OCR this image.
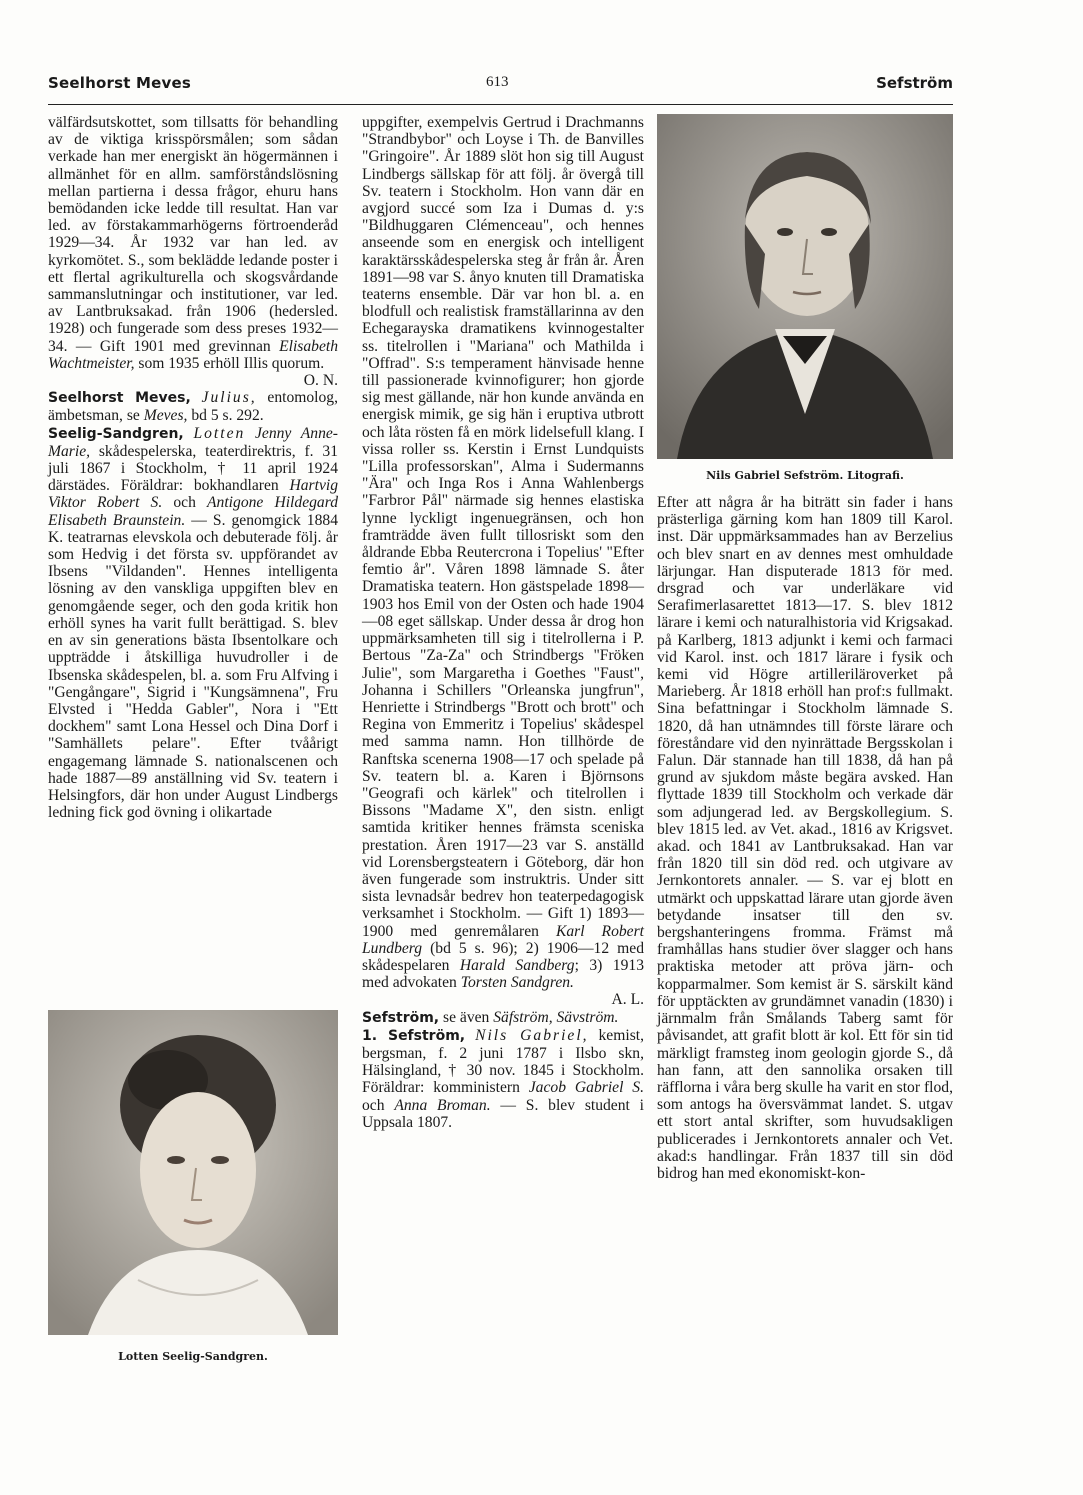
Seelhorst Meves	613	Sefström

välfärdsutskottet, som tillsatts för behandling av de viktiga krisspörsmålen; som sådan verkade han mer energiskt än högermännen i allmänhet för en allm. samförståndslösning mellan partierna i dessa frågor, ehuru hans bemödanden icke ledde till resultat. Han var led. av förstakammarhögerns förtroenderåd 1929—34. År 1932 var han led. av kyrkomötet. S., som beklädde ledande poster i ett flertal agrikulturella och skogsvårdande sammanslutningar och institutioner, var led. av Lantbruksakad. från 1906 (hedersled. 1928) och fungerade som dess preses 1932—34. — Gift 1901 med grevinnan Elisabeth Wachtmeister, som 1935 erhöll Illis quorum.

O. N.

Seelhorst Meves, Julius, entomolog, ämbetsman, se Meves, bd 5 s. 292.

Seelig-Sandgren, Lotten Jenny Anne-Marie, skådespelerska, teaterdirektris, f. 31 juli 1867 i Stockholm, † 11 april 1924 därstädes. Föräldrar: bokhandlaren Hartvig Viktor Robert S. och Antigone Hildegard Elisabeth Braunstein. — S. genomgick 1884 K. teatrarnas elevskola och debuterade följ. år som Hedvig i det första sv. uppförandet av Ibsens "Vildanden". Hennes intelligenta lösning av den vanskliga uppgiften blev en genomgående seger, och den goda kritik hon erhöll synes ha varit fullt berättigad. S. blev en av sin generations bästa Ibsentolkare och uppträdde i åtskilliga huvudroller i de Ibsenska skådespelen, bl. a. som Fru Alfving i "Gengångare", Sigrid i "Kungsämnena", Fru Elvsted i "Hedda Gabler", Nora i "Ett dockhem" samt Lona Hessel och Dina Dorf i "Samhällets pelare". Efter tvåårigt engagemang lämnade S. nationalscenen och hade 1887—89 anställning vid Sv. teatern i Helsingfors, där hon under August Lindbergs ledning fick god övning i olikartade

Lotten Seelig-Sandgren.

uppgifter, exempelvis Gertrud i Drachmanns "Strandbybor" och Loyse i Th. de Banvilles "Gringoire". År 1889 slöt hon sig till August Lindbergs sällskap för att följ. år övergå till Sv. teatern i Stockholm. Hon vann där en avgjord succé som Iza i Dumas d. y:s "Bildhuggaren Clémenceau", och hennes anseende som en energisk och intelligent karaktärsskådespelerska steg år från år. Åren 1891—98 var S. ånyo knuten till Dramatiska teaterns ensemble. Där var hon bl. a. en blodfull och realistisk framställarinna av den Echegarayska dramatikens kvinnogestalter ss. titelrollen i "Mariana" och Mathilda i "Offrad". S:s temperament hänvisade henne till passionerade kvinnofigurer; hon gjorde sig mest gällande, när hon kunde använda en energisk mimik, ge sig hän i eruptiva utbrott och låta rösten få en mörk lidelsefull klang. I vissa roller ss. Kerstin i Ernst Lundquists "Lilla professorskan", Alma i Sudermanns "Ära" och Inga Ros i Anna Wahlenbergs "Farbror Pål" närmade sig hennes elastiska lynne lyckligt ingenuegränsen, och hon framträdde även fullt tillosriskt som den åldrande Ebba Reutercrona i Topelius' "Efter femtio år". Våren 1898 lämnade S. åter Dramatiska teatern. Hon gästspelade 1898—1903 hos Emil von der Osten och hade 1904—08 eget sällskap. Under dessa år drog hon uppmärksamheten till sig i titelrollerna i P. Bertous "Za-Za" och Strindbergs "Fröken Julie", som Margaretha i Goethes "Faust", Johanna i Schillers "Orleanska jungfrun", Henriette i Strindbergs "Brott och brott" och Regina von Emmeritz i Topelius' skådespel med samma namn. Hon tillhörde de Ranftska scenerna 1908—17 och spelade på Sv. teatern bl. a. Karen i Björnsons "Geografi och kärlek" och titelrollen i Bissons "Madame X", den sistn. enligt samtida kritiker hennes främsta sceniska prestation. Åren 1917—23 var S. anställd vid Lorensbergsteatern i Göteborg, där hon även fungerade som instruktris. Under sitt sista levnadsår bedrev hon teaterpedagogisk verksamhet i Stockholm. — Gift 1) 1893—1900 med genremålaren Karl Robert Lundberg (bd 5 s. 96); 2) 1906—12 med skådespelaren Harald Sandberg; 3) 1913 med advokaten Torsten Sandgren.

A. L.

Sefström, se även Säfström, Sävström.

1. Sefström, Nils Gabriel, kemist, bergsman, f. 2 juni 1787 i Ilsbo skn, Hälsingland, † 30 nov. 1845 i Stockholm. Föräldrar: komministern Jacob Gabriel S. och Anna Broman. — S. blev student i Uppsala 1807.

Nils Gabriel Sefström. Litografi.

Efter att några år ha biträtt sin fader i hans prästerliga gärning kom han 1809 till Karol. inst. Där uppmärksammades han av Berzelius och blev snart en av dennes mest omhuldade lärjungar. Han disputerade 1813 för med. drsgrad och var underläkare vid Serafimerlasarettet 1813—17. S. blev 1812 lärare i kemi och naturalhistoria vid Krigsakad. på Karlberg, 1813 adjunkt i kemi och farmaci vid Karol. inst. och 1817 lärare i fysik och kemi vid Högre artilleriläroverket på Marieberg. År 1818 erhöll han prof:s fullmakt. Sina befattningar i Stockholm lämnade S. 1820, då han utnämndes till förste lärare och föreståndare vid den nyinrättade Bergsskolan i Falun. Där stannade han till 1838, då han på grund av sjukdom måste begära avsked. Han flyttade 1839 till Stockholm och verkade där som adjungerad led. av Bergskollegium. S. blev 1815 led. av Vet. akad., 1816 av Krigsvet. akad. och 1841 av Lantbruksakad. Han var från 1820 till sin död red. och utgivare av Jernkontorets annaler. — S. var ej blott en utmärkt och uppskattad lärare utan gjorde även betydande insatser till den sv. bergshanteringens fromma. Främst må framhållas hans studier över slagger och hans praktiska metoder att pröva järn- och kopparmalmer. Som kemist är S. särskilt känd för upptäckten av grundämnet vanadin (1830) i järnmalm från Smålands Taberg samt för påvisandet, att grafit blott är kol. Ett för sin tid märkligt framsteg inom geologin gjorde S., då han fann, att den sannolika orsaken till räfflorna i våra berg skulle ha varit en stor flod, som antogs ha översvämmat landet. S. utgav ett stort antal skrifter, som huvudsakligen publicerades i Jernkontorets annaler och Vet. akad:s handlingar. Från 1837 till sin död bidrog han med ekonomiskt-kon-
